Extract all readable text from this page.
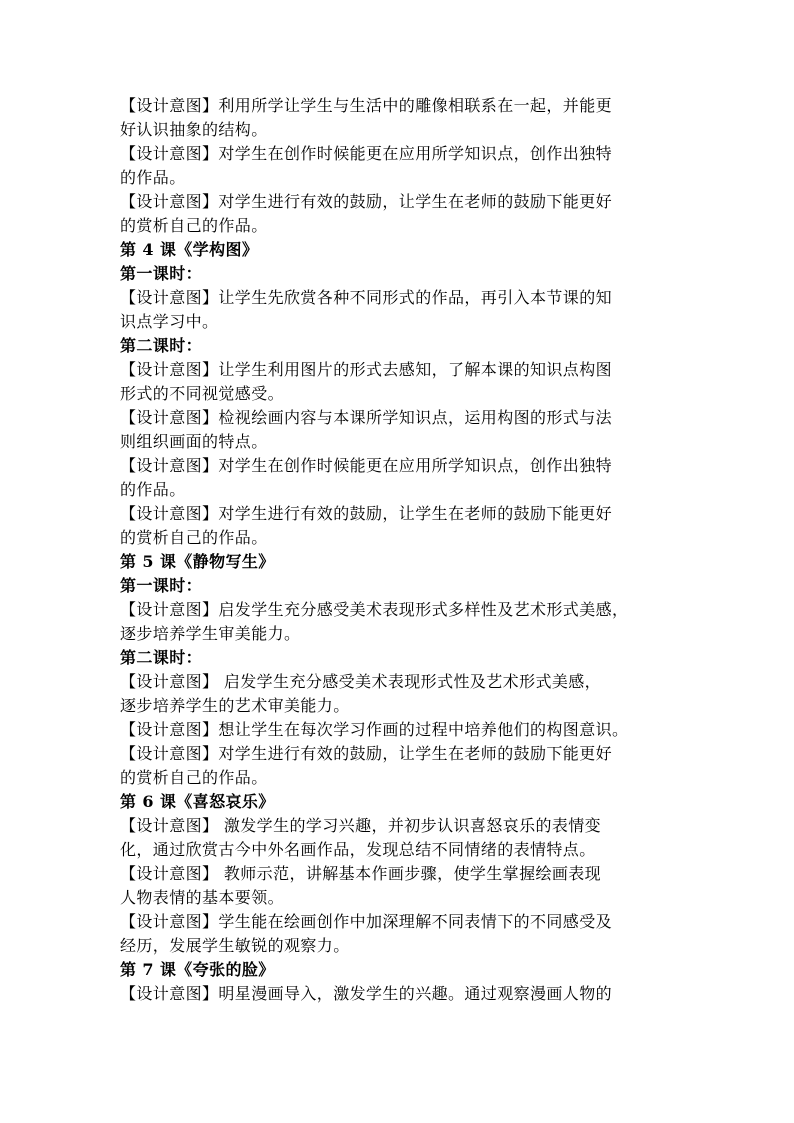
【设计意图】利用所学让学生与生活中的雕像相联系在一起，并能更
好认识抽象的结构。
【设计意图】对学生在创作时候能更在应用所学知识点，创作出独特
的作品。
【设计意图】对学生进行有效的鼓励，让学生在老师的鼓励下能更好
的赏析自己的作品。
第 4 课《学构图》
第一课时：
【设计意图】让学生先欣赏各种不同形式的作品，再引入本节课的知
识点学习中。
第二课时：
【设计意图】让学生利用图片的形式去感知，了解本课的知识点构图
形式的不同视觉感受。
【设计意图】检视绘画内容与本课所学知识点，运用构图的形式与法
则组织画面的特点。
【设计意图】对学生在创作时候能更在应用所学知识点，创作出独特
的作品。
【设计意图】对学生进行有效的鼓励，让学生在老师的鼓励下能更好
的赏析自己的作品。
第 5 课《静物写生》
第一课时：
【设计意图】启发学生充分感受美术表现形式多样性及艺术形式美感，
逐步培养学生审美能力。
第二课时：
【设计意图】 启发学生充分感受美术表现形式性及艺术形式美感，
逐步培养学生的艺术审美能力。
【设计意图】想让学生在每次学习作画的过程中培养他们的构图意识。
【设计意图】对学生进行有效的鼓励，让学生在老师的鼓励下能更好
的赏析自己的作品。
第 6 课《喜怒哀乐》
【设计意图】 激发学生的学习兴趣，并初步认识喜怒哀乐的表情变
化，通过欣赏古今中外名画作品，发现总结不同情绪的表情特点。
【设计意图】 教师示范，讲解基本作画步骤，使学生掌握绘画表现
人物表情的基本要领。
【设计意图】学生能在绘画创作中加深理解不同表情下的不同感受及
经历，发展学生敏锐的观察力。
第 7 课《夸张的脸》
【设计意图】明星漫画导入，激发学生的兴趣。通过观察漫画人物的
